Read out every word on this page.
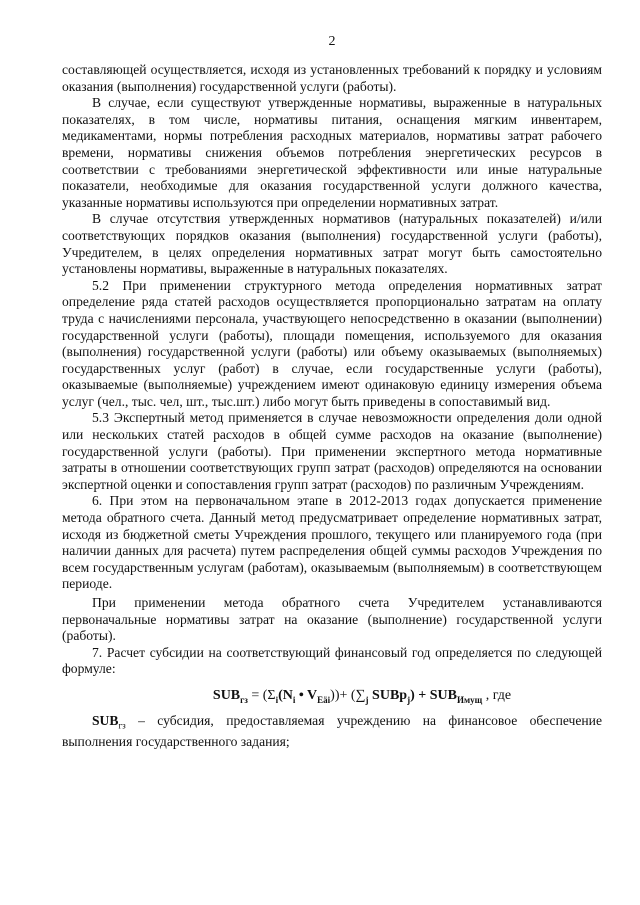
2

составляющей осуществляется, исходя из установленных требований к порядку и условиям оказания (выполнения) государственной услуги (работы).

В случае, если существуют утвержденные нормативы, выраженные в натуральных показателях, в том числе, нормативы питания, оснащения мягким инвентарем, медикаментами, нормы потребления расходных материалов, нормативы затрат рабочего времени, нормативы снижения объемов потребления энергетических ресурсов в соответствии с требованиями энергетической эффективности или иные натуральные показатели, необходимые для оказания государственной услуги должного качества, указанные нормативы используются при определении нормативных затрат.

В случае отсутствия утвержденных нормативов (натуральных показателей) и/или соответствующих порядков оказания (выполнения) государственной услуги (работы), Учредителем, в целях определения нормативных затрат могут быть самостоятельно установлены нормативы, выраженные в натуральных показателях.

5.2 При применении структурного метода определения нормативных затрат определение ряда статей расходов осуществляется пропорционально затратам на оплату труда с начислениями персонала, участвующего непосредственно в оказании (выполнении) государственной услуги (работы), площади помещения, используемого для оказания (выполнения) государственной услуги (работы) или объему оказываемых (выполняемых) государственных услуг (работ) в случае, если государственные услуги (работы), оказываемые (выполняемые) учреждением имеют одинаковую единицу измерения объема услуг (чел., тыс. чел, шт., тыс.шт.) либо могут быть приведены в сопоставимый вид.

5.3 Экспертный метод применяется в случае невозможности определения доли одной или нескольких статей расходов в общей сумме расходов на оказание (выполнение) государственной услуги (работы). При применении экспертного метода нормативные затраты в отношении соответствующих групп затрат (расходов) определяются на основании экспертной оценки и сопоставления групп затрат (расходов) по различным Учреждениям.

6. При этом на первоначальном этапе в 2012-2013 годах допускается применение метода обратного счета. Данный метод предусматривает определение нормативных затрат, исходя из бюджетной сметы Учреждения прошлого, текущего или планируемого года (при наличии данных для расчета) путем распределения общей суммы расходов Учреждения по всем государственным услугам (работам), оказываемым (выполняемым) в соответствующем периоде.

При применении метода обратного счета Учредителем устанавливаются первоначальные нормативы затрат на оказание (выполнение) государственной услуги (работы).

7. Расчет субсидии на соответствующий финансовый год определяется по следующей формуле:

$SUB_{гз} = (\Sigma_i(N_i$ • $V_{Eäi}))+ (\sum_j$ SUBp$_j$) + $SUB_{Имущ}$ , где

$SUB_{гз}$ – субсидия, предоставляемая учреждению на финансовое обеспечение выполнения государственного задания;
